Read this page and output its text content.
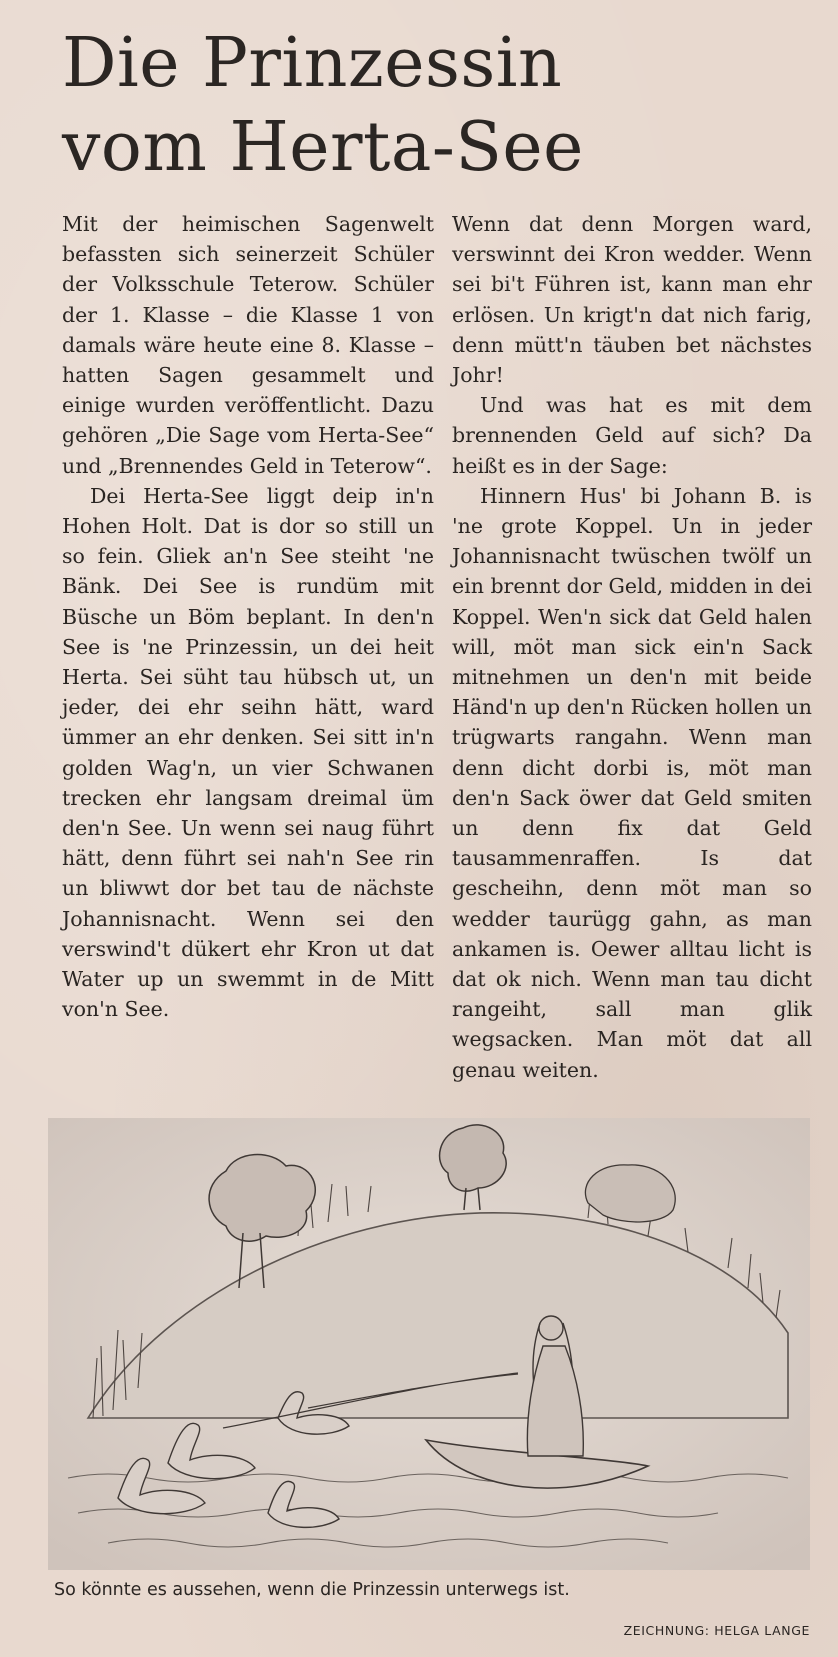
Die Prinzessin
vom Herta-See

Mit der heimischen Sagenwelt befassten sich seinerzeit Schüler der Volksschule Teterow. Schüler der 1. Klasse – die Klasse 1 von damals wäre heute eine 8. Klasse – hatten Sagen gesammelt und einige wurden veröffentlicht. Dazu gehören „Die Sage vom Herta-See“ und „Brennendes Geld in Teterow“.

Dei Herta-See liggt deip in'n Hohen Holt. Dat is dor so still un so fein. Gliek an'n See steiht 'ne Bänk. Dei See is rundüm mit Büsche un Böm beplant. In den'n See is 'ne Prinzessin, un dei heit Herta. Sei süht tau hübsch ut, un jeder, dei ehr seihn hätt, ward ümmer an ehr denken. Sei sitt in'n golden Wag'n, un vier Schwanen trecken ehr langsam dreimal üm den'n See. Un wenn sei naug führt hätt, denn führt sei nah'n See rin un bliwwt dor bet tau de nächste Johannisnacht. Wenn sei den verswind't dükert ehr Kron ut dat Water up un swemmt in de Mitt von'n See.

Wenn dat denn Morgen ward, verswinnt dei Kron wedder. Wenn sei bi't Führen ist, kann man ehr erlösen. Un krigt'n dat nich farig, denn mütt'n täuben bet nächstes Johr!

Und was hat es mit dem brennenden Geld auf sich? Da heißt es in der Sage:

Hinnern Hus' bi Johann B. is 'ne grote Koppel. Un in jeder Johannisnacht twüschen twölf un ein brennt dor Geld, midden in dei Koppel. Wen'n sick dat Geld halen will, möt man sick ein'n Sack mitnehmen un den'n mit beide Händ'n up den'n Rücken hollen un trügwarts rangahn. Wenn man denn dicht dorbi is, möt man den'n Sack öwer dat Geld smiten un denn fix dat Geld tausammenraffen. Is dat gescheihn, denn möt man so wedder taurügg gahn, as man ankamen is. Oewer alltau licht is dat ok nich. Wenn man tau dicht rangeiht, sall man glik wegsacken. Man möt dat all genau weiten.

So könnte es aussehen, wenn die Prinzessin unterwegs ist.
ZEICHNUNG: HELGA LANGE
